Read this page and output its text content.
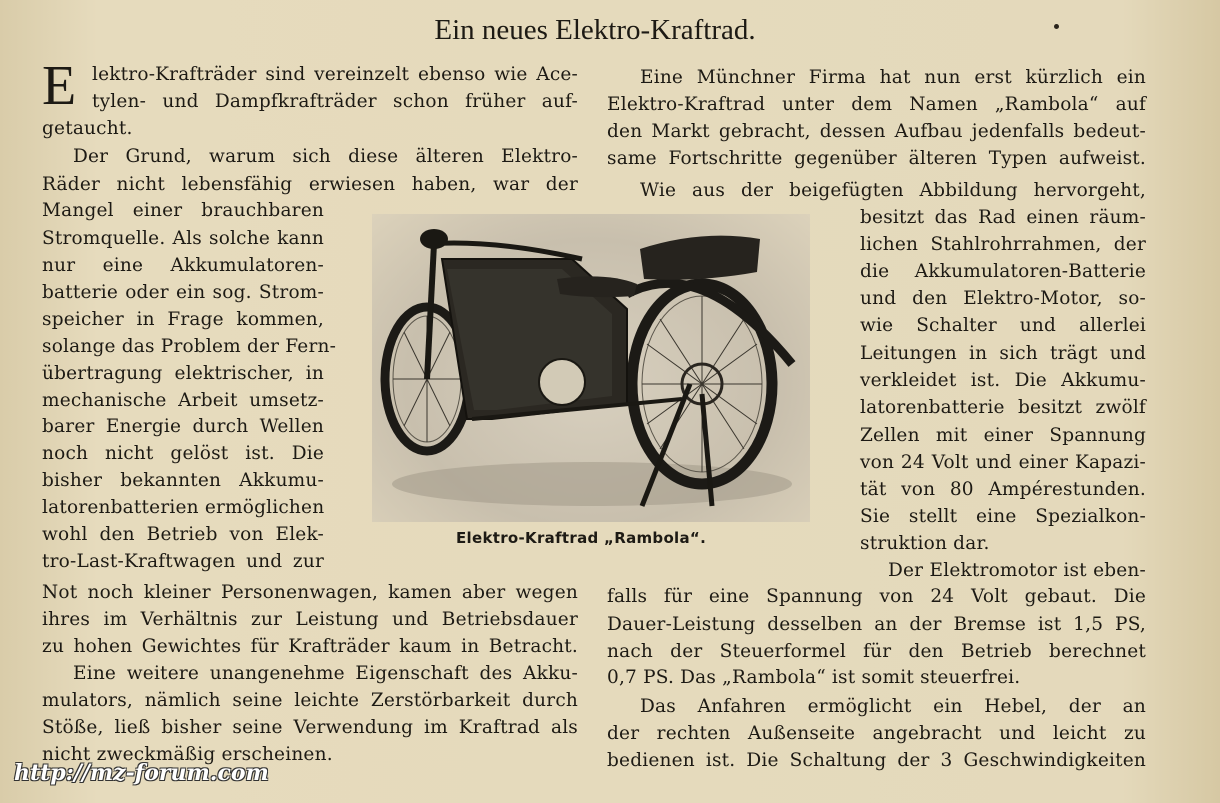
Ein neues Elektro-Kraftrad.
E lektro-Krafträder sind vereinzelt ebenso wie Ace-
tylen- und Dampfkrafträder schon früher auf-
getaucht.
Der Grund, warum sich diese älteren Elektro-
Räder nicht lebensfähig erwiesen haben, war der
Mangel einer brauchbaren
Stromquelle. Als solche kann
nur eine Akkumulatoren-
batterie oder ein sog. Strom-
speicher in Frage kommen,
solange das Problem der Fern-
übertragung elektrischer, in
mechanische Arbeit umsetz-
barer Energie durch Wellen
noch nicht gelöst ist. Die
bisher bekannten Akkumu-
latorenbatterien ermöglichen
wohl den Betrieb von Elek-
tro-Last-Kraftwagen und zur
Not noch kleiner Personenwagen, kamen aber wegen
ihres im Verhältnis zur Leistung und Betriebsdauer
zu hohen Gewichtes für Krafträder kaum in Betracht.
Eine weitere unangenehme Eigenschaft des Akku-
mulators, nämlich seine leichte Zerstörbarkeit durch
Stöße, ließ bisher seine Verwendung im Kraftrad als
nicht zweckmäßig erscheinen.
Eine Münchner Firma hat nun erst kürzlich ein
Elektro-Kraftrad unter dem Namen „Rambola“ auf
den Markt gebracht, dessen Aufbau jedenfalls bedeut-
same Fortschritte gegenüber älteren Typen aufweist.
Wie aus der beigefügten Abbildung hervorgeht,
besitzt das Rad einen räum-
lichen Stahlrohrrahmen, der
die Akkumulatoren-Batterie
und den Elektro-Motor, so-
wie Schalter und allerlei
Leitungen in sich trägt und
verkleidet ist. Die Akkumu-
latorenbatterie besitzt zwölf
Zellen mit einer Spannung
von 24 Volt und einer Kapazi-
tät von 80 Ampérestunden.
Sie stellt eine Spezialkon-
struktion dar.
Der Elektromotor ist eben-
falls für eine Spannung von 24 Volt gebaut. Die
Dauer-Leistung desselben an der Bremse ist 1,5 PS,
nach der Steuerformel für den Betrieb berechnet
0,7 PS. Das „Rambola“ ist somit steuerfrei.
Das Anfahren ermöglicht ein Hebel, der an
der rechten Außenseite angebracht und leicht zu
bedienen ist. Die Schaltung der 3 Geschwindigkeiten
Elektro-Kraftrad „Rambola“.
http://mz-forum.com
